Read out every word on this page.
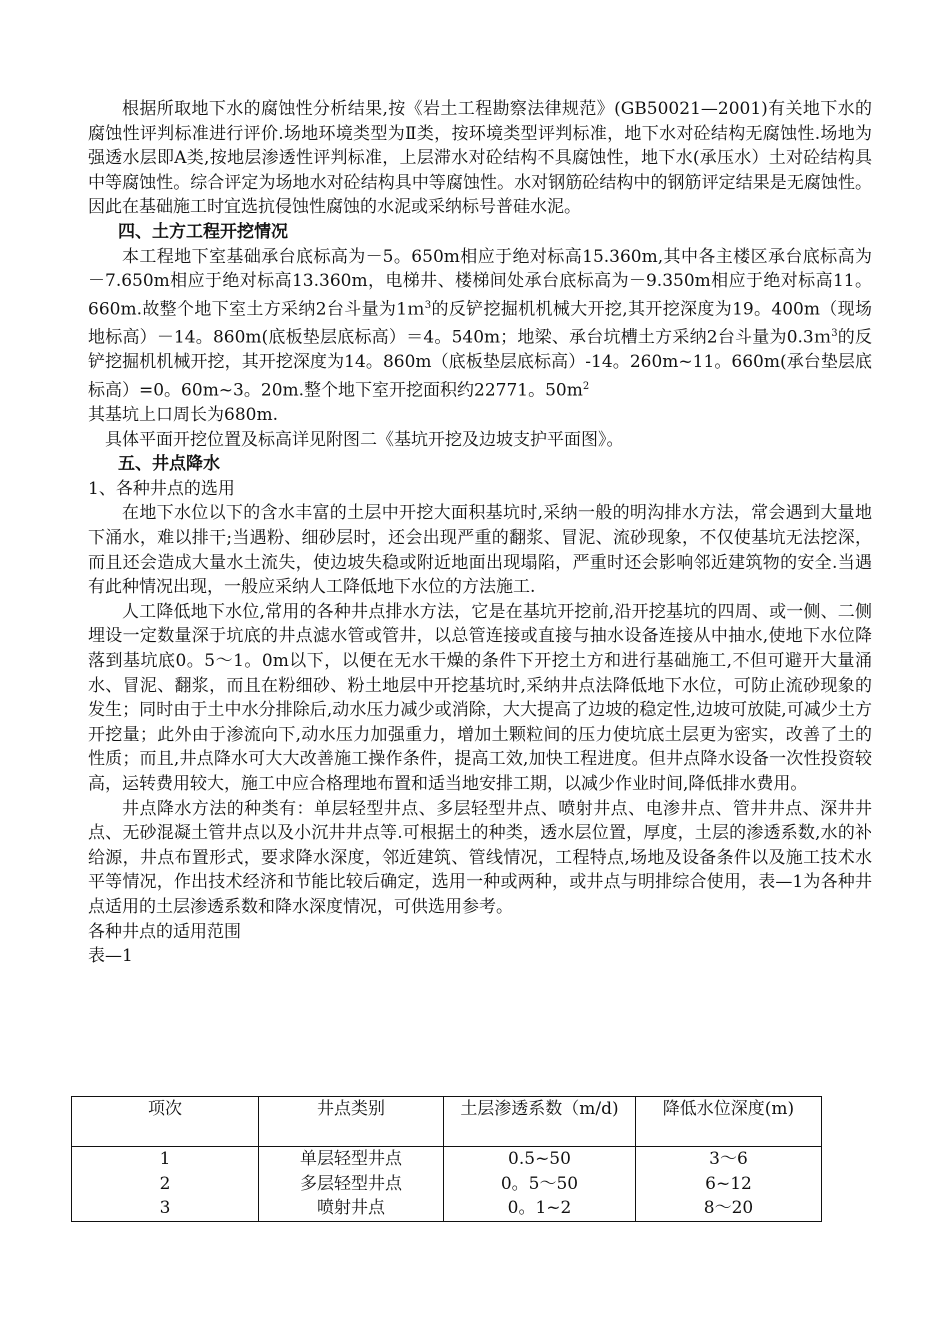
根据所取地下水的腐蚀性分析结果,按《岩土工程勘察法律规范》(GB50021—2001)有关地下水的腐蚀性评判标准进行评价.场地环境类型为Ⅱ类，按环境类型评判标准，地下水对砼结构无腐蚀性.场地为强透水层即A类,按地层渗透性评判标准，上层滞水对砼结构不具腐蚀性，地下水(承压水）土对砼结构具中等腐蚀性。综合评定为场地水对砼结构具中等腐蚀性。水对钢筋砼结构中的钢筋评定结果是无腐蚀性。因此在基础施工时宜选抗侵蚀性腐蚀的水泥或采纳标号普硅水泥。

四、土方工程开挖情况

本工程地下室基础承台底标高为－5。650m相应于绝对标高15.360m,其中各主楼区承台底标高为－7.650m相应于绝对标高13.360m，电梯井、楼梯间处承台底标高为－9.350m相应于绝对标高11。660m.故整个地下室土方采纳2台斗量为1ｍ$^3$的反铲挖掘机机械大开挖,其开挖深度为19。400m（现场地标高）－14。860m(底板垫层底标高）＝4。540m；地梁、承台坑槽土方采纳2台斗量为0.3ｍ$^3$的反铲挖掘机机械开挖，其开挖深度为14。860m（底板垫层底标高）-14。260m~11。660m(承台垫层底标高）=0。60m~3。20m.整个地下室开挖面积约22771。$50m^2$

其基坑上口周长为680m.

具体平面开挖位置及标高详见附图二《基坑开挖及边坡支护平面图》。

五、井点降水

1、各种井点的选用

在地下水位以下的含水丰富的土层中开挖大面积基坑时,采纳一般的明沟排水方法，常会遇到大量地下涌水，难以排干;当遇粉、细砂层时，还会出现严重的翻浆、冒泥、流砂现象，不仅使基坑无法挖深，而且还会造成大量水土流失，使边坡失稳或附近地面出现塌陷，严重时还会影响邻近建筑物的安全.当遇有此种情况出现，一般应采纳人工降低地下水位的方法施工.

人工降低地下水位,常用的各种井点排水方法，它是在基坑开挖前,沿开挖基坑的四周、或一侧、二侧埋设一定数量深于坑底的井点滤水管或管井，以总管连接或直接与抽水设备连接从中抽水,使地下水位降落到基坑底0。5～1。0m以下，以便在无水干燥的条件下开挖土方和进行基础施工,不但可避开大量涌水、冒泥、翻浆，而且在粉细砂、粉土地层中开挖基坑时,采纳井点法降低地下水位，可防止流砂现象的发生；同时由于土中水分排除后,动水压力减少或消除，大大提高了边坡的稳定性,边坡可放陡,可减少土方开挖量；此外由于渗流向下,动水压力加强重力，增加土颗粒间的压力使坑底土层更为密实，改善了土的性质；而且,井点降水可大大改善施工操作条件，提高工效,加快工程进度。但井点降水设备一次性投资较高，运转费用较大，施工中应合格理地布置和适当地安排工期，以减少作业时间,降低排水费用。

井点降水方法的种类有：单层轻型井点、多层轻型井点、喷射井点、电渗井点、管井井点、深井井点、无砂混凝土管井点以及小沉井井点等.可根据土的种类，透水层位置，厚度，土层的渗透系数,水的补给源，井点布置形式，要求降水深度，邻近建筑、管线情况，工程特点,场地及设备条件以及施工技术水平等情况，作出技术经济和节能比较后确定，选用一种或两种，或井点与明排综合使用，表—1为各种井点适用的土层渗透系数和降水深度情况，可供选用参考。

各种井点的适用范围

表—1

项次	井点类别	土层渗透系数（m/d)	降低水位深度(m)
1	单层轻型井点	0.5~50	3～6
2	多层轻型井点	0。5～50	6~12
3	喷射井点	0。1~2	8～20
